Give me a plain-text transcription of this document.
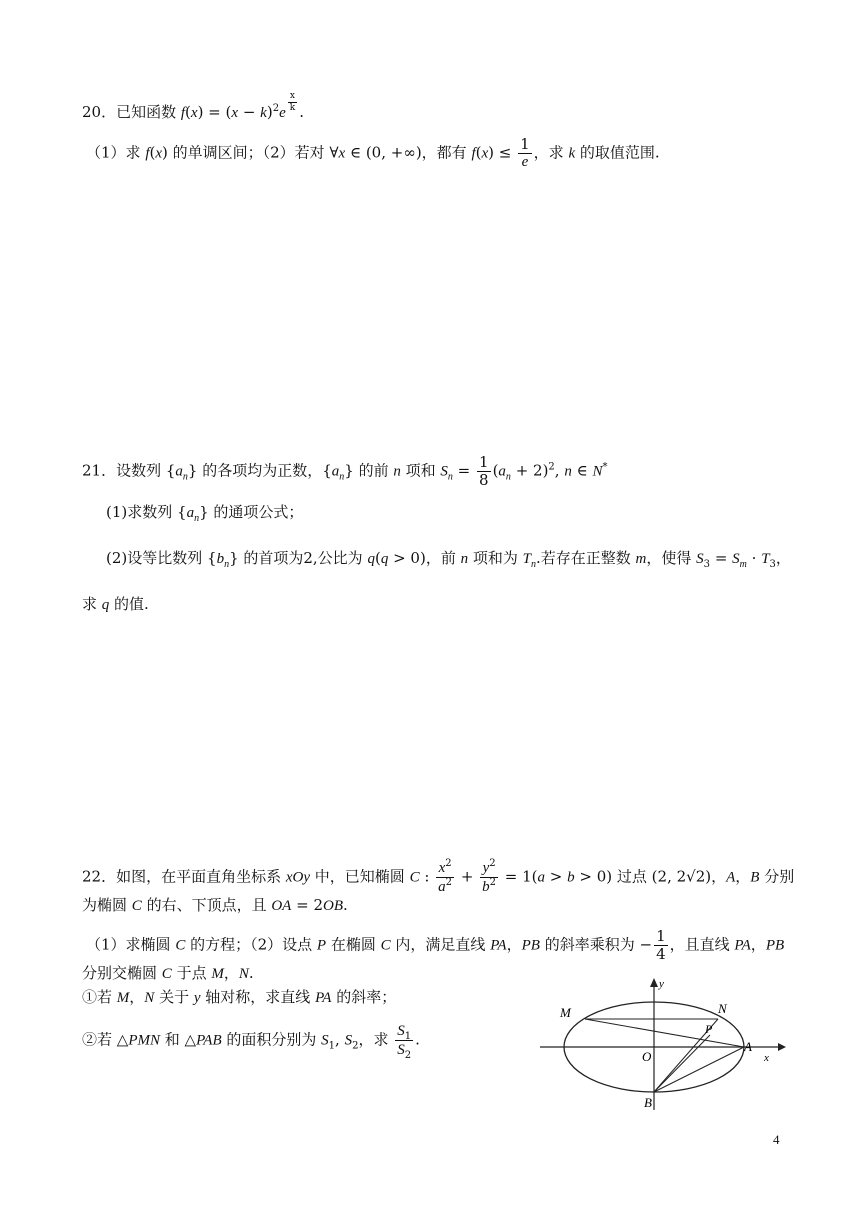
20．已知函数 $f(x) = (x - k)^2e$ $^{\frac{x}{k}}$ .
（1）求 f(x) 的单调区间；（2）若对 ∀x ∈ (0, +∞)，都有 $f(x) \le \frac{1}{e}$ ，求 k 的取值范围.
21．设数列 $\{a_n\}$ 的各项均为正数，$\{a_n\}$ 的前 n 项和 $S_n = \frac{1}{8} (a_n + 2)^2$, n ∈ N*
(1)求数列 $\{a_n\}$ 的通项公式；
(2)设等比数列 $\{b_n\}$ 的首项为2,公比为 q(q > 0)，前 n 项和为 $T_n$.若存在正整数 m，使得 $S_3 = S_m \cdot T_3$，
求 q 的值.
22．如图，在平面直角坐标系 xOy 中，已知椭圆 C : $\frac{x^2}{a^2} + \frac{y^2}{b^2} = 1(a > b > 0)$ 过点 (2, 2√2)，A，B 分别
为椭圆 C 的右、下顶点，且 OA = 2OB.
（1）求椭圆 C 的方程；（2）设点 P 在椭圆 C 内，满足直线 PA，PB 的斜率乘积为 − $\frac{1}{4}$ ，且直线 PA，PB
分别交椭圆 C 于点 M，N.
①若 M，N 关于 y 轴对称，求直线 PA 的斜率；
②若 △PMN 和 △PAB 的面积分别为 $S_1$, $S_2$，求 $\frac{S_1}{S_2}$ .
M	N
P
O
A
B
x
y
4
